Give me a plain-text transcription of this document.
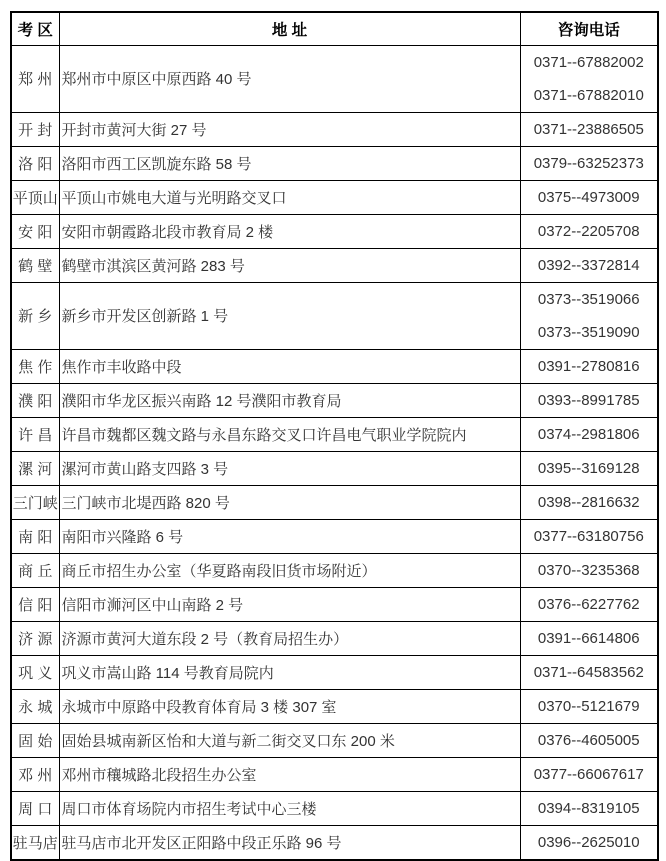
考 区	地 址	咨询电话
郑 州	郑州市中原区中原西路 40 号	0371--67882002
0371--67882010

开 封	开封市黄河大街 27 号	0371--23886505

洛 阳	洛阳市西工区凯旋东路 58 号	0379--63252373

平顶山	平顶山市姚电大道与光明路交叉口	0375--4973009

安 阳	安阳市朝霞路北段市教育局 2 楼	0372--2205708

鹤 壁	鹤壁市淇滨区黄河路 283 号	0392--3372814

新 乡	新乡市开发区创新路 1 号	0373--3519066
0373--3519090

焦 作	焦作市丰收路中段	0391--2780816

濮 阳	濮阳市华龙区振兴南路 12 号濮阳市教育局	0393--8991785

许 昌	许昌市魏都区魏文路与永昌东路交叉口许昌电气职业学院院内	0374--2981806

漯 河	漯河市黄山路支四路 3 号	0395--3169128

三门峡	三门峡市北堤西路 820 号	0398--2816632

南 阳	南阳市兴隆路 6 号	0377--63180756

商 丘	商丘市招生办公室（华夏路南段旧货市场附近）	0370--3235368

信 阳	信阳市浉河区中山南路 2 号	0376--6227762

济 源	济源市黄河大道东段 2 号（教育局招生办）	0391--6614806

巩 义	巩义市嵩山路 114 号教育局院内	0371--64583562

永 城	永城市中原路中段教育体育局 3 楼 307 室	0370--5121679

固 始	固始县城南新区怡和大道与新二街交叉口东 200 米	0376--4605005

邓 州	邓州市穰城路北段招生办公室	0377--66067617

周 口	周口市体育场院内市招生考试中心三楼	0394--8319105

驻马店	驻马店市北开发区正阳路中段正乐路 96 号	0396--2625010
